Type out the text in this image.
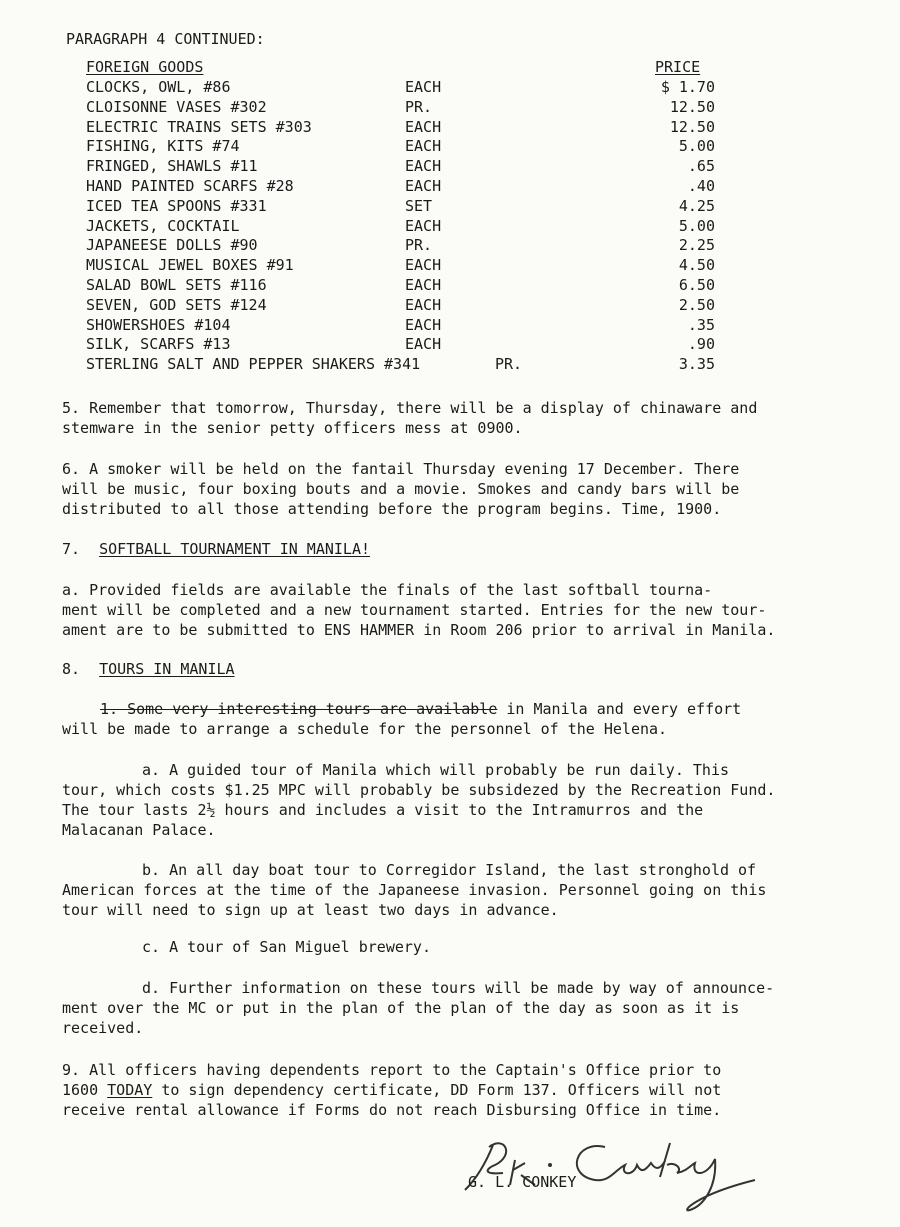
PARAGRAPH 4 CONTINUED:
FOREIGN GOODS	PRICE
CLOCKS, OWL, #86	EACH	$ 1.70
CLOISONNE VASES #302	PR.	12.50
ELECTRIC TRAINS SETS #303	EACH	12.50
FISHING, KITS #74	EACH	5.00
FRINGED, SHAWLS #11	EACH	.65
HAND PAINTED SCARFS #28	EACH	.40
ICED TEA SPOONS #331	SET	4.25
JACKETS, COCKTAIL	EACH	5.00
JAPANEESE DOLLS #90	PR.	2.25
MUSICAL JEWEL BOXES #91	EACH	4.50
SALAD BOWL SETS #116	EACH	6.50
SEVEN, GOD SETS #124	EACH	2.50
SHOWERSHOES #104	EACH	.35
SILK, SCARFS #13	EACH	.90
STERLING SALT AND PEPPER SHAKERS #341	PR.	3.35
5. Remember that tomorrow, Thursday, there will be a display of chinaware and
stemware in the senior petty officers mess at 0900.
6. A smoker will be held on the fantail Thursday evening 17 December. There
will be music, four boxing bouts and a movie. Smokes and candy bars will be
distributed to all those attending before the program begins. Time, 1900.
7. SOFTBALL TOURNAMENT IN MANILA!
a. Provided fields are available the finals of the last softball tourna-
ment will be completed and a new tournament started. Entries for the new tour-
ament are to be submitted to ENS HAMMER in Room 206 prior to arrival in Manila.
8. TOURS IN MANILA
1. Some very interesting tours are available in Manila and every effort
will be made to arrange a schedule for the personnel of the Helena.
a. A guided tour of Manila which will probably be run daily. This
tour, which costs $1.25 MPC will probably be subsidezed by the Recreation Fund.
The tour lasts 2½ hours and includes a visit to the Intramurros and the
Malacanan Palace.
b. An all day boat tour to Corregidor Island, the last stronghold of
American forces at the time of the Japaneese invasion. Personnel going on this
tour will need to sign up at least two days in advance.
c. A tour of San Miguel brewery.
d. Further information on these tours will be made by way of announce-
ment over the MC or put in the plan of the plan of the day as soon as it is
received.
9. All officers having dependents report to the Captain's Office prior to
1600 TODAY to sign dependency certificate, DD Form 137. Officers will not
receive rental allowance if Forms do not reach Disbursing Office in time.
G. L. CONKEY
